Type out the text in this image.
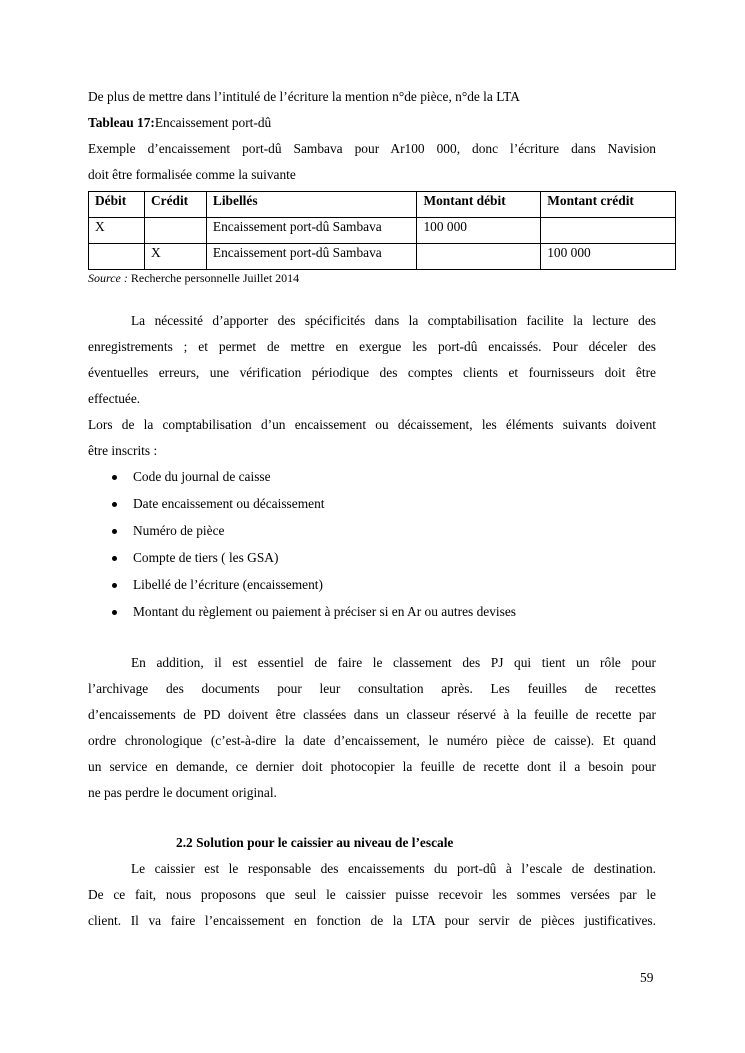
De plus de mettre dans l’intitulé de l’écriture la mention n°de pièce, n°de la LTA
Tableau 17:Encaissement port-dû
Exemple d’encaissement port-dû Sambava pour Ar100 000, donc l’écriture dans Navision
doit être formalisée comme la suivante
Débit	Crédit	Libellés	Montant débit	Montant crédit
X		Encaissement port-dû Sambava	100 000	
	X	Encaissement port-dû Sambava		100 000
Source : Recherche personnelle Juillet 2014
La nécessité d’apporter des spécificités dans la comptabilisation facilite la lecture des
enregistrements ; et permet de mettre en exergue les port-dû encaissés. Pour déceler des
éventuelles erreurs, une vérification périodique des comptes clients et fournisseurs doit être
effectuée.
Lors de la comptabilisation d’un encaissement ou décaissement, les éléments suivants doivent
être inscrits :
Code du journal de caisse
Date encaissement ou décaissement
Numéro de pièce
Compte de tiers ( les GSA)
Libellé de l’écriture (encaissement)
Montant du règlement ou paiement à préciser si en Ar ou autres devises
En addition, il est essentiel de faire le classement des PJ qui tient un rôle pour
l’archivage des documents pour leur consultation après. Les feuilles de recettes
d’encaissements de PD doivent être classées dans un classeur réservé à la feuille de recette par
ordre chronologique (c’est-à-dire la date d’encaissement, le numéro pièce de caisse). Et quand
un service en demande, ce dernier doit photocopier la feuille de recette dont il a besoin pour
ne pas perdre le document original.
2.2 Solution pour le caissier au niveau de l’escale
Le caissier est le responsable des encaissements du port-dû à l’escale de destination.
De ce fait, nous proposons que seul le caissier puisse recevoir les sommes versées par le
client. Il va faire l’encaissement en fonction de la LTA pour servir de pièces justificatives.
59
